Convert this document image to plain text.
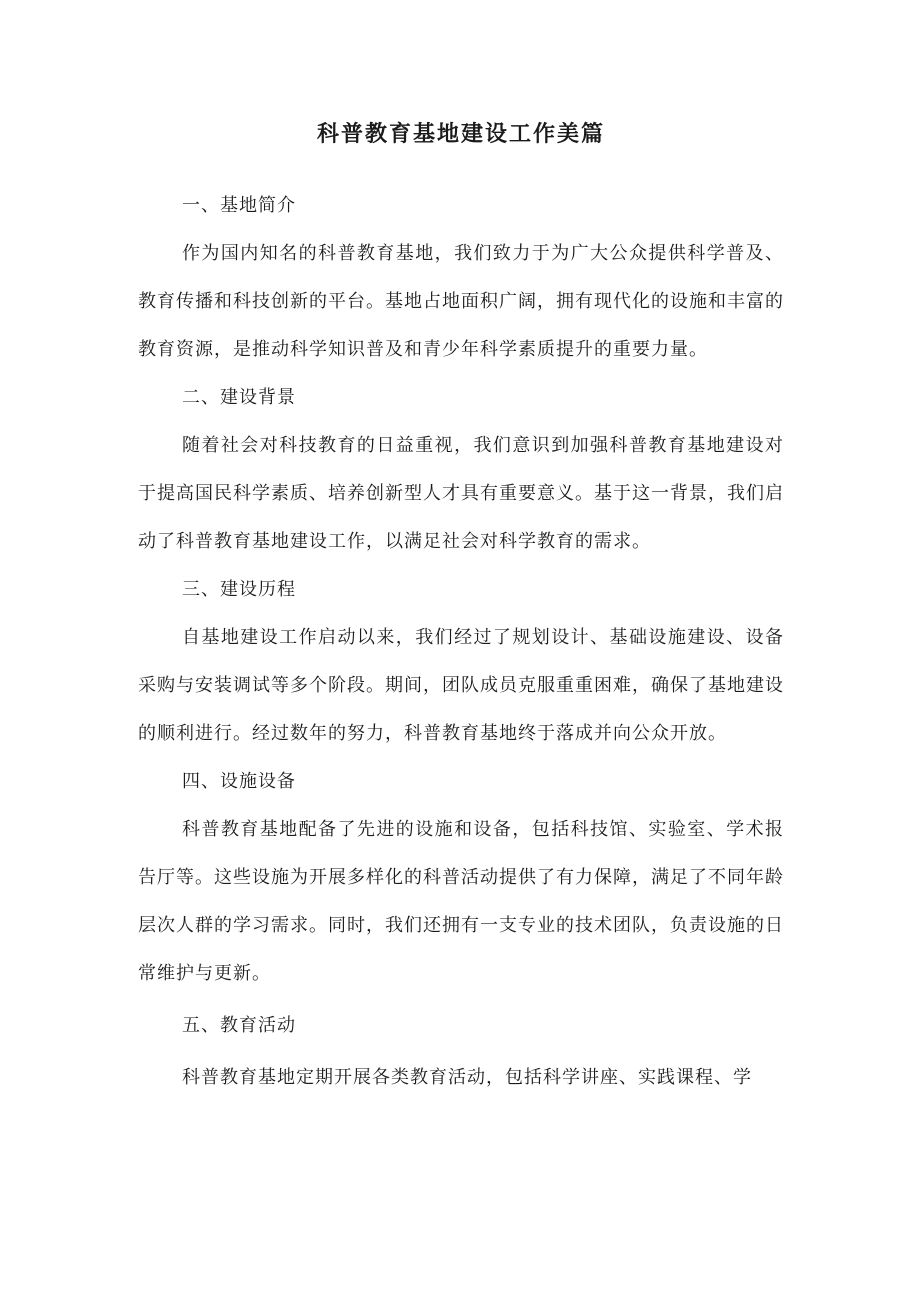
科普教育基地建设工作美篇

一、基地简介

作为国内知名的科普教育基地，我们致力于为广大公众提供科学普及、教育传播和科技创新的平台。基地占地面积广阔，拥有现代化的设施和丰富的教育资源，是推动科学知识普及和青少年科学素质提升的重要力量。

二、建设背景

随着社会对科技教育的日益重视，我们意识到加强科普教育基地建设对于提高国民科学素质、培养创新型人才具有重要意义。基于这一背景，我们启动了科普教育基地建设工作，以满足社会对科学教育的需求。

三、建设历程

自基地建设工作启动以来，我们经过了规划设计、基础设施建设、设备采购与安装调试等多个阶段。期间，团队成员克服重重困难，确保了基地建设的顺利进行。经过数年的努力，科普教育基地终于落成并向公众开放。

四、设施设备

科普教育基地配备了先进的设施和设备，包括科技馆、实验室、学术报告厅等。这些设施为开展多样化的科普活动提供了有力保障，满足了不同年龄层次人群的学习需求。同时，我们还拥有一支专业的技术团队，负责设施的日常维护与更新。

五、教育活动

科普教育基地定期开展各类教育活动，包括科学讲座、实践课程、学
